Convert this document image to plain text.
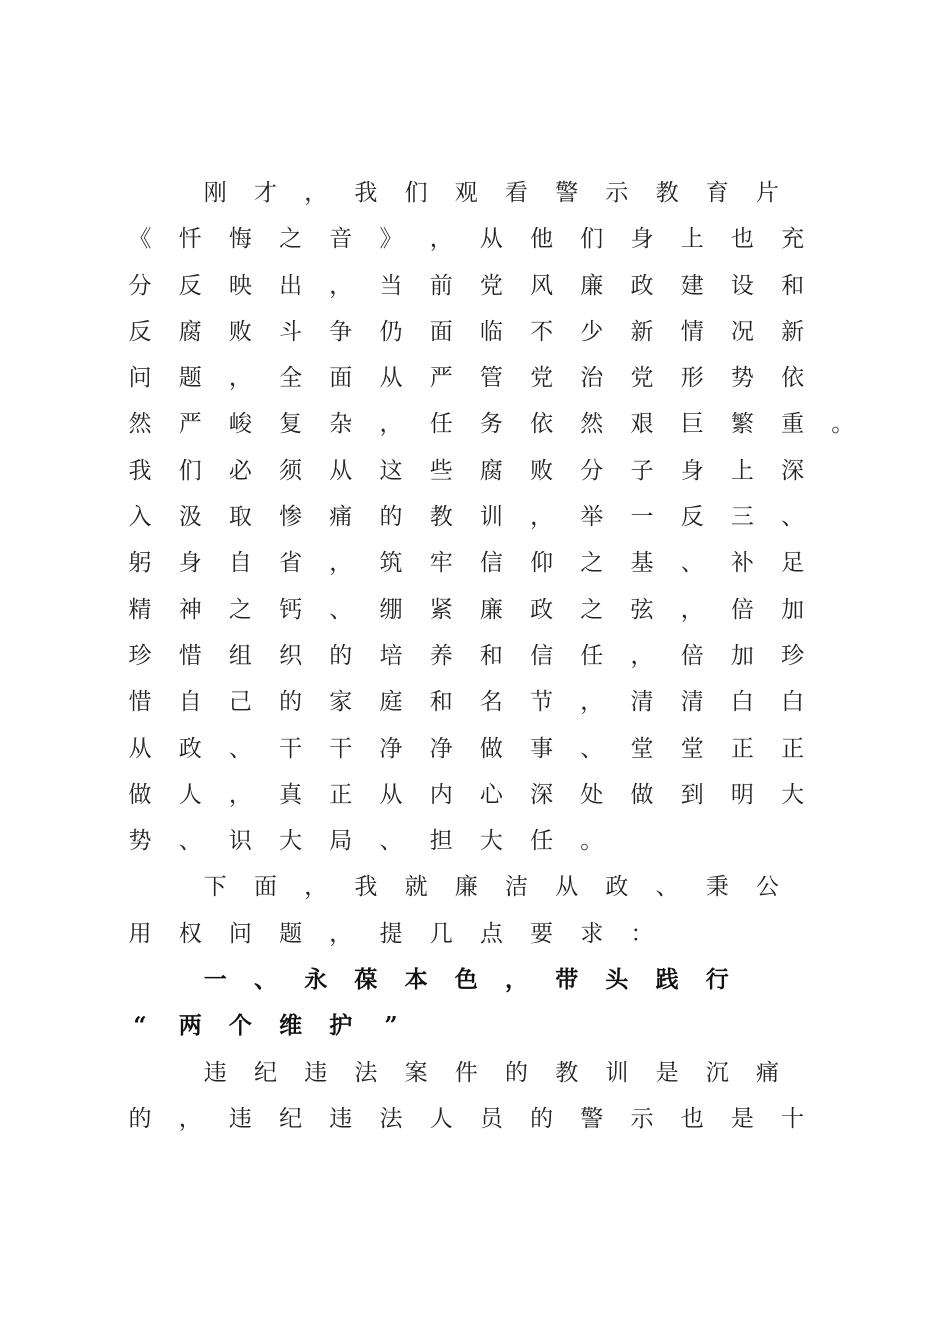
刚	才	，	我	们	观	看	警	示	教	育	片
《	忏	悔	之	音	》	，	从	他	们	身	上	也	充
分	反	映	出	，	当	前	党	风	廉	政	建	设	和
反	腐	败	斗	争	仍	面	临	不	少	新	情	况	新
问	题	，	全	面	从	严	管	党	治	党	形	势	依
然	严	峻	复	杂	，	任	务	依	然	艰	巨	繁	重	。
我	们	必	须	从	这	些	腐	败	分	子	身	上	深
入	汲	取	惨	痛	的	教	训	，	举	一	反	三	、
躬	身	自	省	，	筑	牢	信	仰	之	基	、	补	足
精	神	之	钙	、	绷	紧	廉	政	之	弦	，	倍	加
珍	惜	组	织	的	培	养	和	信	任	，	倍	加	珍
惜	自	己	的	家	庭	和	名	节	，	清	清	白	白
从	政	、	干	干	净	净	做	事	、	堂	堂	正	正
做	人	，	真	正	从	内	心	深	处	做	到	明	大
势	、	识	大	局	、	担	大	任	。
下	面	，	我	就	廉	洁	从	政	、	秉	公
用	权	问	题	，	提	几	点	要	求	：
一	、	永	葆	本	色	，	带	头	践	行
“	两	个	维	护	”
违	纪	违	法	案	件	的	教	训	是	沉	痛
的	，	违	纪	违	法	人	员	的	警	示	也	是	十
